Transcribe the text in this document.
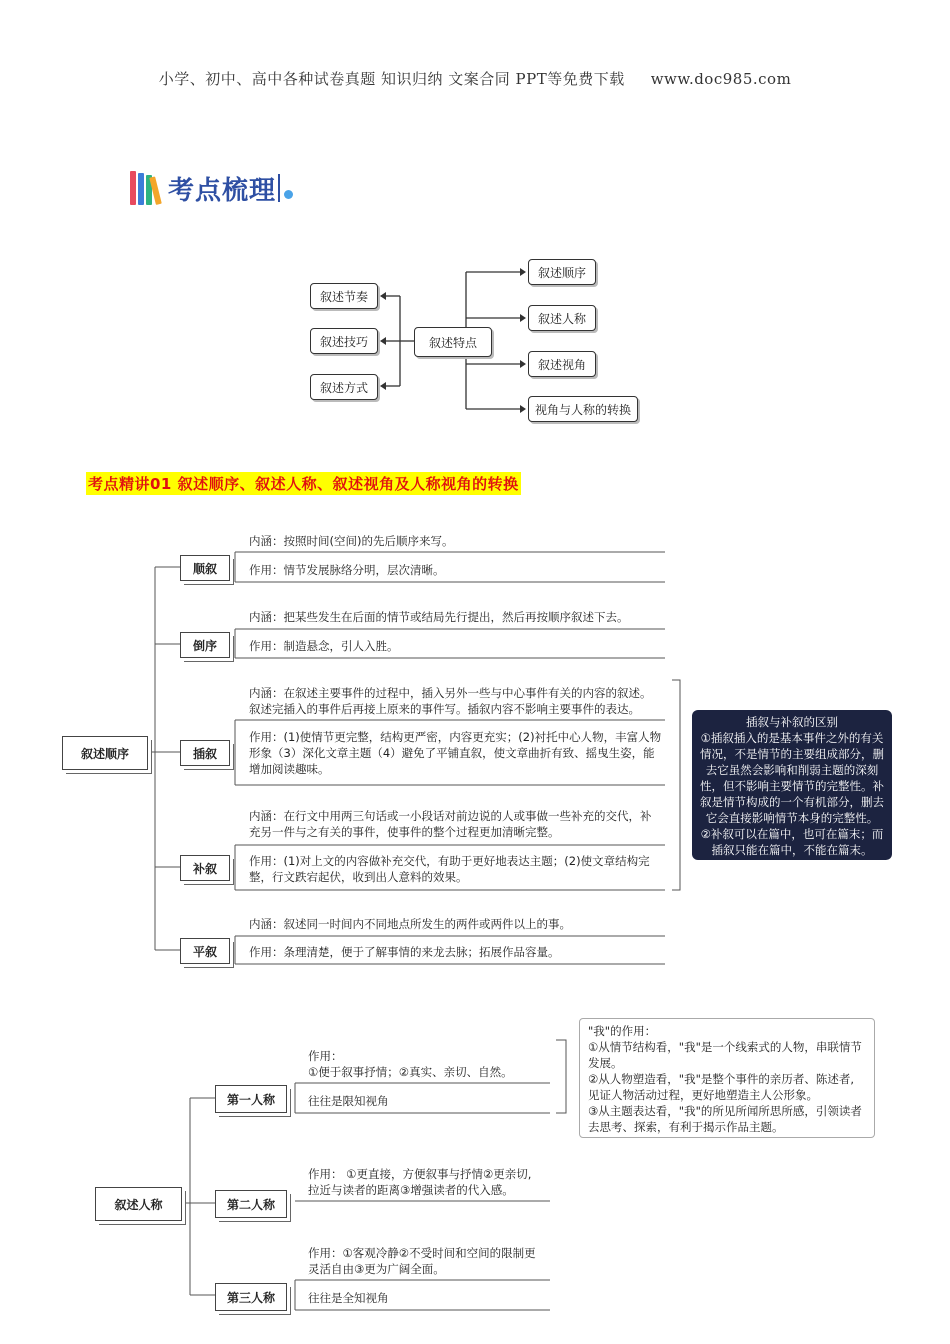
小学、初中、高中各种试卷真题 知识归纳 文案合同 PPT等免费下载 www.doc985.com
考点梳理
叙述节奏
叙述技巧
叙述方式
叙述特点
叙述顺序
叙述人称
叙述视角
视角与人称的转换
考点精讲01 叙述顺序、叙述人称、叙述视角及人称视角的转换
叙述顺序
顺叙
倒序
插叙
补叙
平叙
内涵：按照时间(空间)的先后顺序来写。
作用：情节发展脉络分明，层次清晰。
内涵：把某些发生在后面的情节或结局先行提出，然后再按顺序叙述下去。
作用：制造悬念，引人入胜。
内涵：在叙述主要事件的过程中，插入另外一些与中心事件有关的内容的叙述。
叙述完插入的事件后再接上原来的事件写。插叙内容不影响主要事件的表达。
作用：(1)使情节更完整，结构更严密，内容更充实；(2)衬托中心人物，丰富人物
形象（3）深化文章主题（4）避免了平铺直叙，使文章曲折有致、摇曳生姿，能
增加阅读趣味。
内涵：在行文中用两三句话或一小段话对前边说的人或事做一些补充的交代，补
充另一件与之有关的事件，使事件的整个过程更加清晰完整。
作用：(1)对上文的内容做补充交代，有助于更好地表达主题；(2)使文章结构完
整，行文跌宕起伏，收到出人意料的效果。
内涵：叙述同一时间内不同地点所发生的两件或两件以上的事。
作用：条理清楚，便于了解事情的来龙去脉；拓展作品容量。
插叙与补叙的区别
①插叙插入的是基本事件之外的有关
情况，不是情节的主要组成部分，删
去它虽然会影响和削弱主题的深刻
性，但不影响主要情节的完整性。补
叙是情节构成的一个有机部分，删去
它会直接影响情节本身的完整性。
②补叙可以在篇中，也可在篇末；而
插叙只能在篇中，不能在篇末。
叙述人称
第一人称
第二人称
第三人称
作用：
①便于叙事抒情；②真实、亲切、自然。
往往是限知视角
作用： ①更直接，方便叙事与抒情②更亲切,
拉近与读者的距离③增强读者的代入感。
作用：①客观冷静②不受时间和空间的限制更
灵活自由③更为广阔全面。
往往是全知视角
"我"的作用：
①从情节结构看，"我"是一个线索式的人物，串联情节
发展。
②从人物塑造看，"我"是整个事件的亲历者、陈述者,
见证人物活动过程，更好地塑造主人公形象。
③从主题表达看，"我"的所见所闻所思所感，引领读者
去思考、探索，有利于揭示作品主题。
